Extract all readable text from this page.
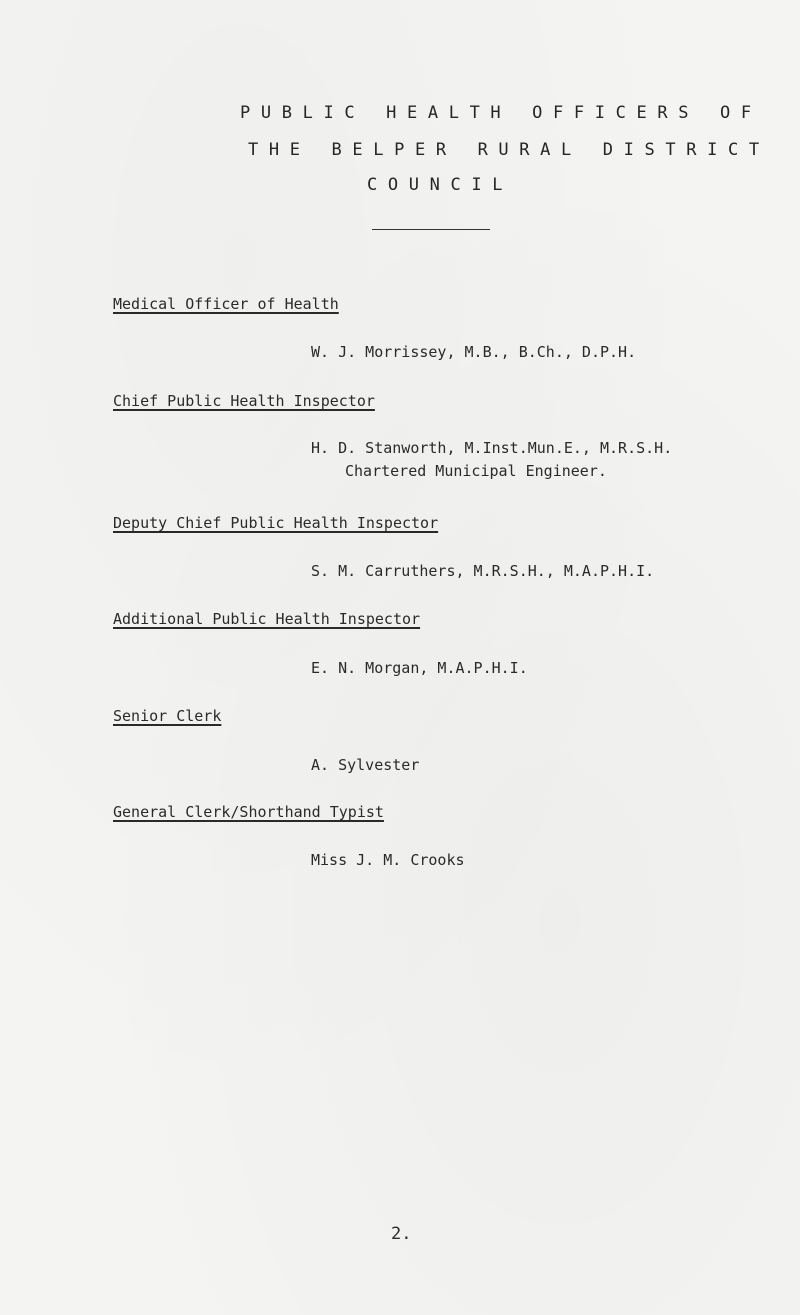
P U B L I C   H E A L T H   O F F I C E R S   O F
T H E   B E L P E R   R U R A L   D I S T R I C T
C O U N C I L
Medical Officer of Health
W. J. Morrissey, M.B., B.Ch., D.P.H.
Chief Public Health Inspector
H. D. Stanworth, M.Inst.Mun.E., M.R.S.H.
Chartered Municipal Engineer.
Deputy Chief Public Health Inspector
S. M. Carruthers, M.R.S.H., M.A.P.H.I.
Additional Public Health Inspector
E. N. Morgan, M.A.P.H.I.
Senior Clerk
A. Sylvester
General Clerk/Shorthand Typist
Miss J. M. Crooks
2.
